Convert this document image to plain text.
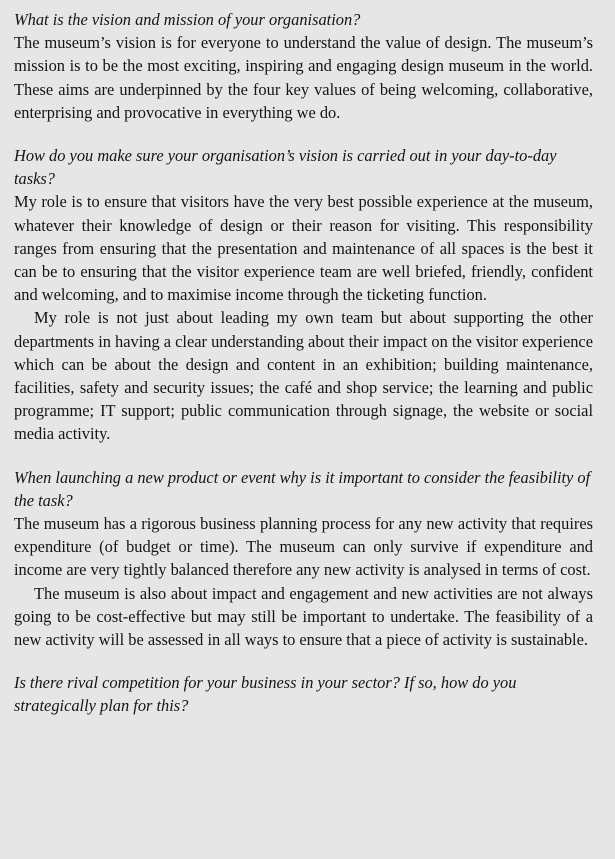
What is the vision and mission of your organisation?

The museum’s vision is for everyone to understand the value of design. The museum’s mission is to be the most exciting, inspiring and engaging design museum in the world. These aims are underpinned by the four key values of being welcoming, collaborative, enterprising and provocative in everything we do.

How do you make sure your organisation’s vision is carried out in your day-to-day tasks?

My role is to ensure that visitors have the very best possible experience at the museum, whatever their knowledge of design or their reason for visiting. This responsibility ranges from ensuring that the presentation and maintenance of all spaces is the best it can be to ensuring that the visitor experience team are well briefed, friendly, confident and welcoming, and to maximise income through the ticketing function.

My role is not just about leading my own team but about supporting the other departments in having a clear understanding about their impact on the visitor experience which can be about the design and content in an exhibition; building maintenance, facilities, safety and security issues; the café and shop service; the learning and public programme; IT support; public communication through signage, the website or social media activity.

When launching a new product or event why is it important to consider the feasibility of the task?

The museum has a rigorous business planning process for any new activity that requires expenditure (of budget or time). The museum can only survive if expenditure and income are very tightly balanced therefore any new activity is analysed in terms of cost.

The museum is also about impact and engagement and new activities are not always going to be cost-effective but may still be important to undertake. The feasibility of a new activity will be assessed in all ways to ensure that a piece of activity is sustainable.

Is there rival competition for your business in your sector? If so, how do you strategically plan for this?
